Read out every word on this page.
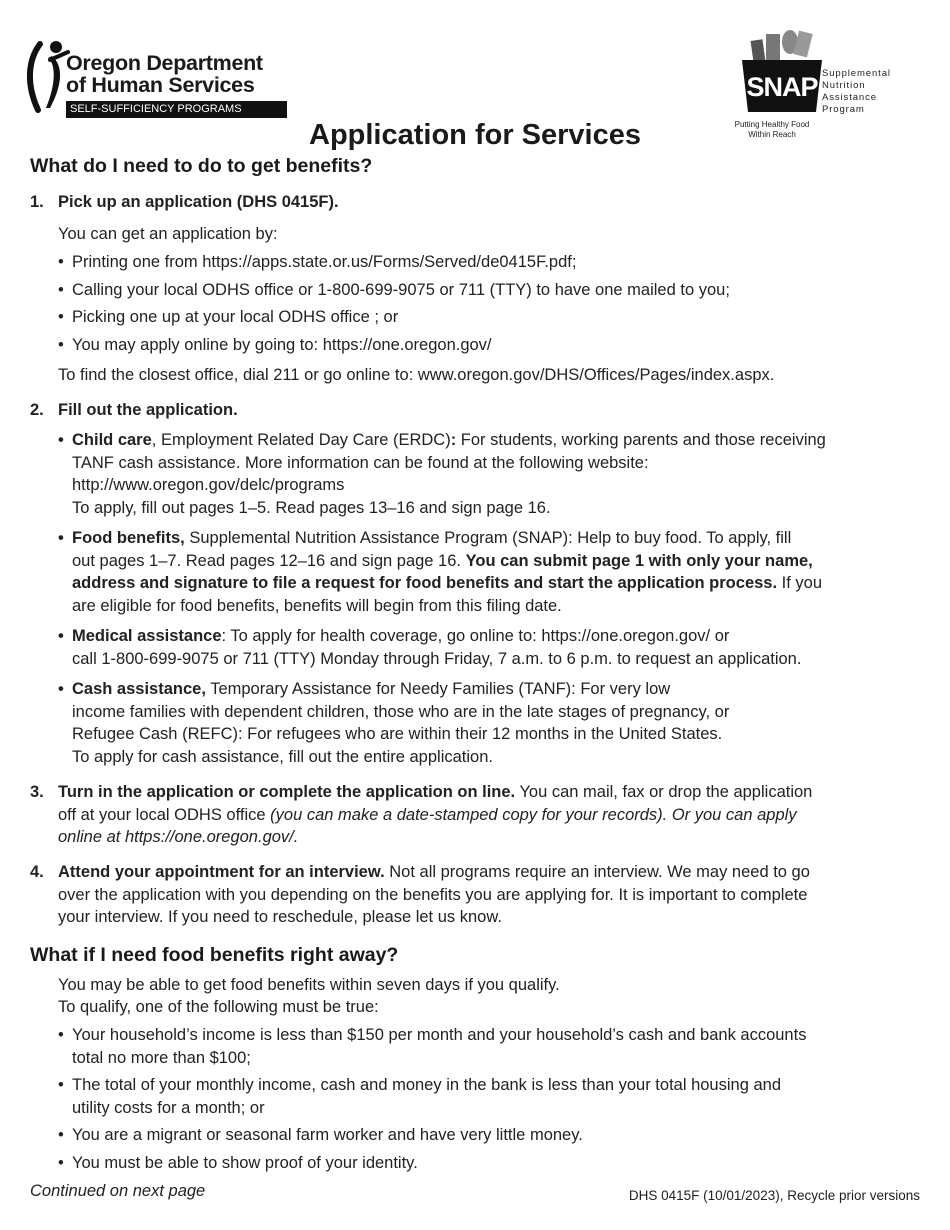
Oregon Department
of Human Services
SELF-SUFFICIENCY PROGRAMS
SNAP Supplemental
Nutrition
Assistance
Program
Putting Healthy Food
Within Reach
Application for Services
What do I need to do to get benefits?
1. Pick up an application (DHS 0415F).
You can get an application by:
• Printing one from https://apps.state.or.us/Forms/Served/de0415F.pdf;
• Calling your local ODHS office or 1-800-699-9075 or 711 (TTY) to have one mailed to you;
• Picking one up at your local ODHS office ; or
• You may apply online by going to: https://one.oregon.gov/
To find the closest office, dial 211 or go online to: www.oregon.gov/DHS/Offices/Pages/index.aspx.
2. Fill out the application.
• Child care, Employment Related Day Care (ERDC): For students, working parents and those receiving
TANF cash assistance. More information can be found at the following website:
http://www.oregon.gov/delc/programs
To apply, fill out pages 1–5. Read pages 13–16 and sign page 16.
• Food benefits, Supplemental Nutrition Assistance Program (SNAP): Help to buy food. To apply, fill
out pages 1–7. Read pages 12–16 and sign page 16. You can submit page 1 with only your name,
address and signature to file a request for food benefits and start the application process. If you
are eligible for food benefits, benefits will begin from this filing date.
• Medical assistance: To apply for health coverage, go online to: https://one.oregon.gov/ or
call 1-800-699-9075 or 711 (TTY) Monday through Friday, 7 a.m. to 6 p.m. to request an application.
• Cash assistance, Temporary Assistance for Needy Families (TANF): For very low
income families with dependent children, those who are in the late stages of pregnancy, or
Refugee Cash (REFC): For refugees who are within their 12 months in the United States.
To apply for cash assistance, fill out the entire application.
3. Turn in the application or complete the application on line. You can mail, fax or drop the application
off at your local ODHS office (you can make a date-stamped copy for your records). Or you can apply
online at https://one.oregon.gov/.
4. Attend your appointment for an interview. Not all programs require an interview. We may need to go
over the application with you depending on the benefits you are applying for. It is important to complete
your interview. If you need to reschedule, please let us know.
What if I need food benefits right away?
You may be able to get food benefits within seven days if you qualify.
To qualify, one of the following must be true:
• Your household’s income is less than $150 per month and your household’s cash and bank accounts
total no more than $100;
• The total of your monthly income, cash and money in the bank is less than your total housing and
utility costs for a month; or
• You are a migrant or seasonal farm worker and have very little money.
• You must be able to show proof of your identity.
Continued on next page	DHS 0415F (10/01/2023), Recycle prior versions
